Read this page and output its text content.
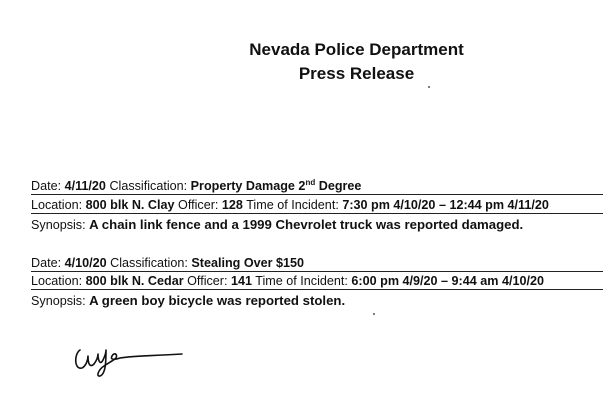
Nevada Police Department
Press Release
Date: 4/11/20 Classification: Property Damage 2nd Degree
Location: 800 blk N. Clay Officer: 128 Time of Incident: 7:30 pm 4/10/20 – 12:44 pm 4/11/20
Synopsis: A chain link fence and a 1999 Chevrolet truck was reported damaged.
Date: 4/10/20 Classification: Stealing Over $150
Location: 800 blk N. Cedar Officer: 141 Time of Incident: 6:00 pm 4/9/20 – 9:44 am 4/10/20
Synopsis: A green boy bicycle was reported stolen.
